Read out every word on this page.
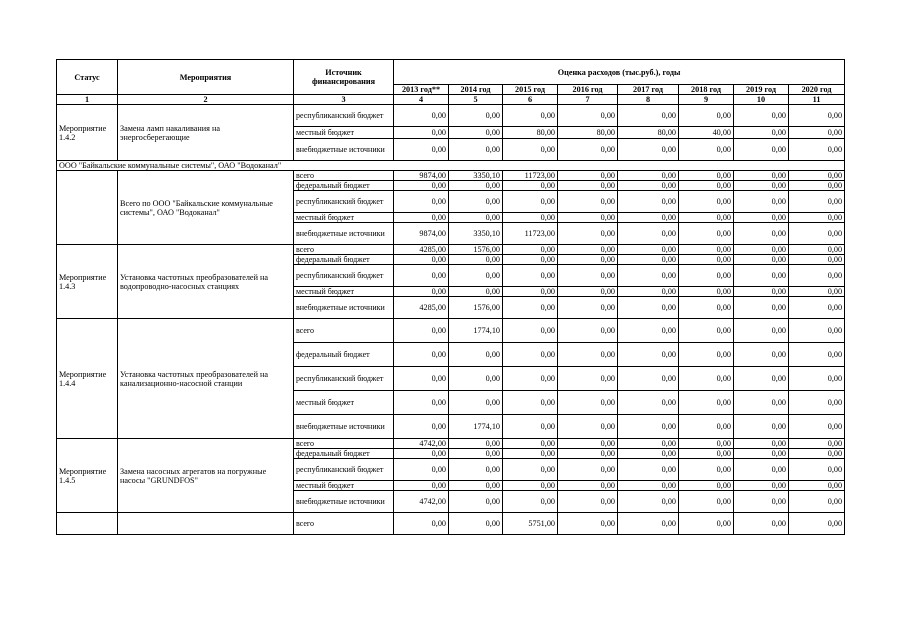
Статус	Мероприятия	Источник финансирования	Оценка расходов (тыс.руб.), годы							
			2013 год**	2014 год	2015 год	2016 год	2017 год	2018 год	2019 год	2020 год
1	2	3	4	5	6	7	8	9	10	11
Мероприятие 1.4.2	Замена ламп накаливания на энергосберегающие	республиканский бюджет	0,00	0,00	0,00	0,00	0,00	0,00	0,00	0,00
		местный бюджет	0,00	0,00	80,00	80,00	80,00	40,00	0,00	0,00
		внебюджетные источники	0,00	0,00	0,00	0,00	0,00	0,00	0,00	0,00
ООО "Байкальские коммунальные системы", ОАО "Водоканал"										
	Всего по ООО "Байкальские коммунальные системы", ОАО "Водоканал"	всего	9874,00	3350,10	11723,00	0,00	0,00	0,00	0,00	0,00
		федеральный бюджет	0,00	0,00	0,00	0,00	0,00	0,00	0,00	0,00
		республиканский бюджет	0,00	0,00	0,00	0,00	0,00	0,00	0,00	0,00
		местный бюджет	0,00	0,00	0,00	0,00	0,00	0,00	0,00	0,00
		внебюджетные источники	9874,00	3350,10	11723,00	0,00	0,00	0,00	0,00	0,00
Мероприятие 1.4.3	Установка частотных преобразователей на водопроводно-насосных станциях	всего	4285,00	1576,00	0,00	0,00	0,00	0,00	0,00	0,00
		федеральный бюджет	0,00	0,00	0,00	0,00	0,00	0,00	0,00	0,00
		республиканский бюджет	0,00	0,00	0,00	0,00	0,00	0,00	0,00	0,00
		местный бюджет	0,00	0,00	0,00	0,00	0,00	0,00	0,00	0,00
		внебюджетные источники	4285,00	1576,00	0,00	0,00	0,00	0,00	0,00	0,00
Мероприятие 1.4.4	Установка частотных преобразователей на канализационно-насосной станции	всего	0,00	1774,10	0,00	0,00	0,00	0,00	0,00	0,00
		федеральный бюджет	0,00	0,00	0,00	0,00	0,00	0,00	0,00	0,00
		республиканский бюджет	0,00	0,00	0,00	0,00	0,00	0,00	0,00	0,00
		местный бюджет	0,00	0,00	0,00	0,00	0,00	0,00	0,00	0,00
		внебюджетные источники	0,00	1774,10	0,00	0,00	0,00	0,00	0,00	0,00
Мероприятие 1.4.5	Замена насосных агрегатов на погружные насосы "GRUNDFOS"	всего	4742,00	0,00	0,00	0,00	0,00	0,00	0,00	0,00
		федеральный бюджет	0,00	0,00	0,00	0,00	0,00	0,00	0,00	0,00
		республиканский бюджет	0,00	0,00	0,00	0,00	0,00	0,00	0,00	0,00
		местный бюджет	0,00	0,00	0,00	0,00	0,00	0,00	0,00	0,00
		внебюджетные источники	4742,00	0,00	0,00	0,00	0,00	0,00	0,00	0,00
		всего	0,00	0,00	5751,00	0,00	0,00	0,00	0,00	0,00
